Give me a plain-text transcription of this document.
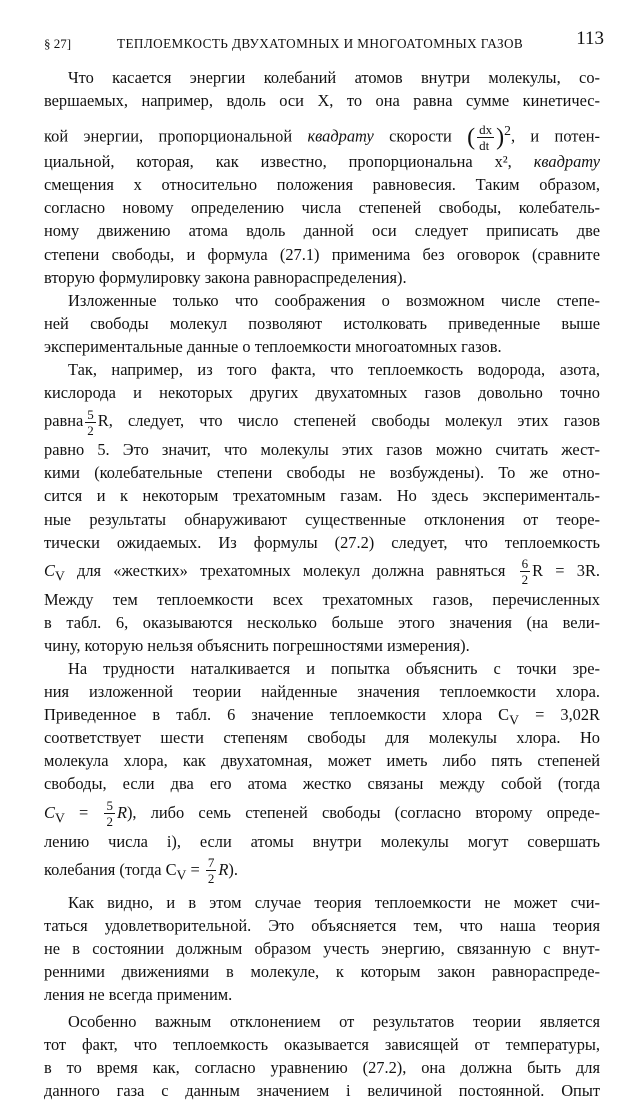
§ 27]	ТЕПЛОЕМКОСТЬ ДВУХАТОМНЫХ И МНОГОАТОМНЫХ ГАЗОВ	113
Что касается энергии колебаний атомов внутри молекулы, со-
вершаемых, например, вдоль оси X, то она равна сумме кинетичес-
кой энергии, пропорциональной квадрату скорости ( $\frac{dx}{dt} )^2$, и потен-
циальной, которая, как известно, пропорциональна x², квадрату
смещения x относительно положения равновесия. Таким образом,
согласно новому определению числа степеней свободы, колебатель-
ному движению атома вдоль данной оси следует приписать две
степени свободы, и формула (27.1) применима без оговорок (сравните
вторую формулировку закона равнораспределения).
Изложенные только что соображения о возможном числе степе-
ней свободы молекул позволяют истолковать приведенные выше
экспериментальные данные о теплоемкости многоатомных газов.
Так, например, из того факта, что теплоемкость водорода, азота,
кислорода и некоторых других двухатомных газов довольно точно
равна $\frac{5}{2} R$, следует, что число степеней свободы молекул этих газов
равно 5. Это значит, что молекулы этих газов можно считать жест-
кими (колебательные степени свободы не возбуждены). То же отно-
сится и к некоторым трехатомным газам. Но здесь эксперименталь-
ные результаты обнаруживают существенные отклонения от теоре-
тически ожидаемых. Из формулы (27.2) следует, что теплоемкость
$C_V$ для «жестких» трехатомных молекул должна равняться $\frac{6}{2}$ R = 3R.
Между тем теплоемкости всех трехатомных газов, перечисленных
в табл. 6, оказываются несколько больше этого значения (на вели-
чину, которую нельзя объяснить погрешностями измерения).
На трудности наталкивается и попытка объяснить с точки зре-
ния изложенной теории найденные значения теплоемкости хлора.
Приведенное в табл. 6 значение теплоемкости хлора $C_V = 3,02R$
соответствует шести степеням свободы для молекулы хлора. Но
молекула хлора, как двухатомная, может иметь либо пять степеней
свободы, если два его атома жестко связаны между собой (тогда
$C_V = \frac{5}{2} R$), либо семь степеней свободы (согласно второму опреде-
лению числа i), если атомы внутри молекулы могут совершать
колебания (тогда $C_V = \frac{7}{2} R$).
Как видно, и в этом случае теория теплоемкости не может счи-
таться удовлетворительной. Это объясняется тем, что наша теория
не в состоянии должным образом учесть энергию, связанную с внут-
ренними движениями в молекуле, к которым закон равнораспреде-
ления не всегда применим.
Особенно важным отклонением от результатов теории является
тот факт, что теплоемкость оказывается зависящей от температуры,
в то время как, согласно уравнению (27.2), она должна быть для
данного газа с данным значением i величиной постоянной. Опыт
